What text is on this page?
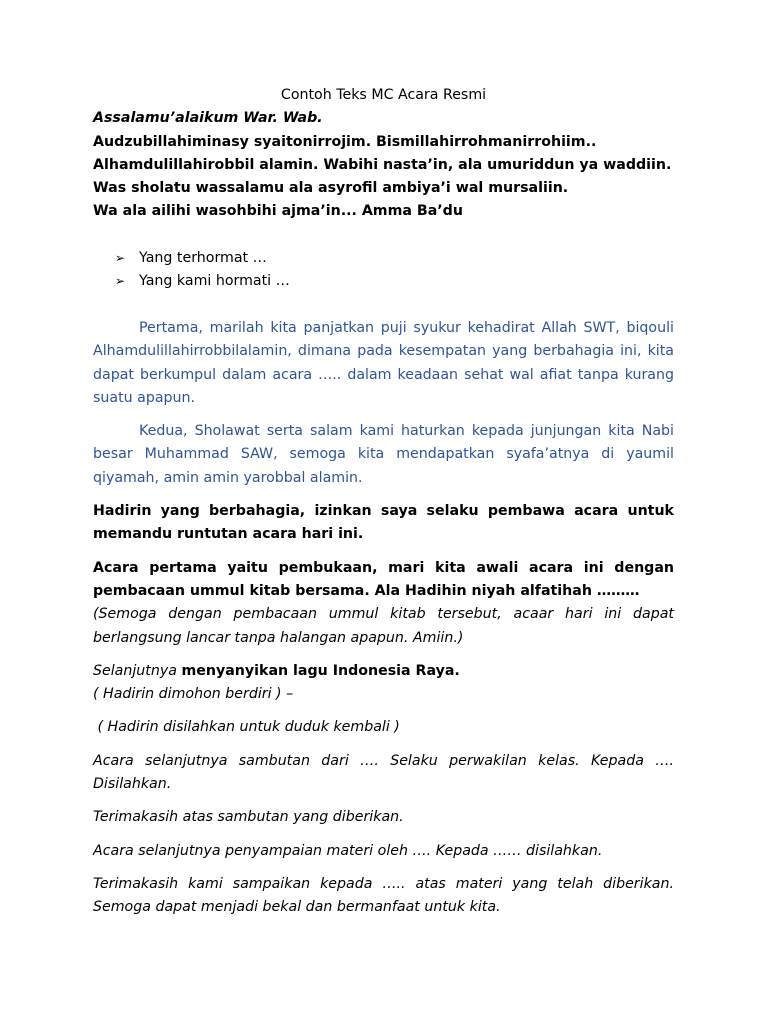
Contoh Teks MC Acara Resmi

Assalamu’alaikum War. Wab.

Audzubillahiminasy syaitonirrojim. Bismillahirrohmanirrohiim..

Alhamdulillahirobbil alamin. Wabihi nasta’in, ala umuriddun ya waddiin.

Was sholatu wassalamu ala asyrofil ambiya’i wal mursaliin.

Wa ala ailihi wasohbihi ajma’in... Amma Ba’du

➢ Yang terhormat …
➢ Yang kami hormati …

Pertama, marilah kita panjatkan puji syukur kehadirat Allah SWT, biqouli Alhamdulillahirrobbilalamin, dimana pada kesempatan yang berbahagia ini, kita dapat berkumpul dalam acara ….. dalam keadaan sehat wal afiat tanpa kurang suatu apapun.

Kedua, Sholawat serta salam kami haturkan kepada junjungan kita Nabi besar Muhammad SAW, semoga kita mendapatkan syafa’atnya di yaumil qiyamah, amin amin yarobbal alamin.

Hadirin yang berbahagia, izinkan saya selaku pembawa acara untuk memandu runtutan acara hari ini.

Acara pertama yaitu pembukaan, mari kita awali acara ini dengan pembacaan ummul kitab bersama. Ala Hadihin niyah alfatihah ………

(Semoga dengan pembacaan ummul kitab tersebut, acaar hari ini dapat berlangsung lancar tanpa halangan apapun. Amiin.)

Selanjutnya menyanyikan lagu Indonesia Raya.

( Hadirin dimohon berdiri ) –

( Hadirin disilahkan untuk duduk kembali )

Acara selanjutnya sambutan dari …. Selaku perwakilan kelas. Kepada …. Disilahkan.

Terimakasih atas sambutan yang diberikan.

Acara selanjutnya penyampaian materi oleh …. Kepada …… disilahkan.

Terimakasih kami sampaikan kepada ….. atas materi yang telah diberikan. Semoga dapat menjadi bekal dan bermanfaat untuk kita.
